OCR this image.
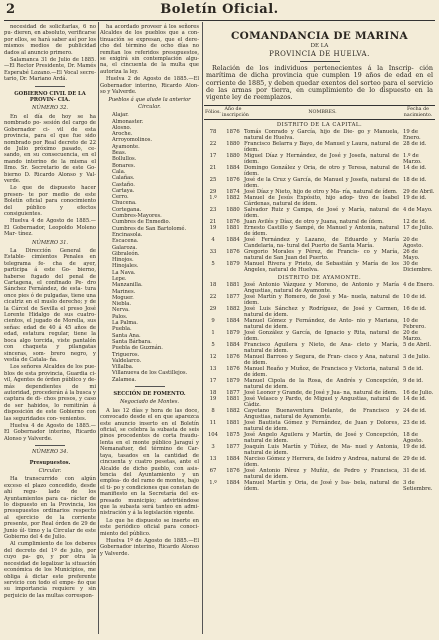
2	Boletín Oficial.

necesidad de solicitarlas, 6 no pu- dieren, en absoluto, verificarse por ellos, se hará saber así por los mismos medios de publicidad dados al anuncio primero.

Salamanca 31 de Julio de 1885.—El Rector Presidente, Dr. Mamés Esperabé Lozano.—El Vocal secre- tario, Dr. Mariano Ardá.

GOBIERNO CIVIL DE LA PROVIN- CIA.

NÚMERO 32.

En el día de hoy se ha nombrado po- sesión del cargo de Gobernador ci- vil de esta provincia, para el que fue sido nombrado por Real decreto de 22 de Julio próximo pasado, ce- sando, en su consecuencia, en el mando interino de la misma el Ilmo. Sr. Secretario de este Go- bierno D. Ricardo Alonso y Val- verde.

Lo que de dispuesto hacer presen- te por medio de este Boletín oficial para conocimiento del público y efectos consiguientes.

Huelva 4 de Agosto de 1885.—El Gobernador, Leopoldo Moleno Mar- tínez.

NÚMERO 31.

La Dirección General de Estable- cimientos Penales en telegrama fe- cha de ayer, participa á este Go- bierno, haberse fugado del penal de Cartagena, el confinado Pe- dro Sánchez Fernández, de esta- tura once pies ó de pulgadas, tiene una cicatriz en el muslo derecho; y de la Cárcel de Sevilla el preso José Lorente Hidalgo de sus cuatro- cientos, el jugado de Morella, sus señas: edad de 40 á 45 años de edad, estatura regular, tiene la boca algo torcida, viste pantalón con chaqueta y pilangatas sinceras, som- brero negro, y vestía de Catala- ña.

Los señores Alcaldes de los pue- blos de esta provincia, Guardia ci- vil, Agentes de órden público y de- más dependientes de mi autoridad, procederán á la busca y captura de di- chos presos, y caso de ser habidos, lo remitirán á disposición de este Gobierno con las seguridades con- venientes.

Huelva 4 de Agosto de 1885.—El Gobernador interino, Ricardo Alonso y Valverde.

NÚMERO 34.

Presupuestos.

Circular.

Ha transcurrido con algún exceso el plazo concedido, desde ahí regu- lado de los Ayuntamientos para ca- rácter de lo dispuesto en la Provincia, los presupuestos ordinarios respecto al ejercicio de la corriente presente, por Real órden de 29 de Junio úl- timo y la Circular de este Gobierno del 4 de Julio.

Al cumplimiento de los deberes del decreto del 1º de julio, por cuyo pa- go, y por otra la necesidad de legalizar la situación económica de los Municipios, me obliga á dictar este preferente servicio con todo el empe- ño que su importancia requiere y sin perjuicio de las multas correspon-

ha acordado proveer á los señores Alcaldes de los pueblos que a con- tinuación se expresan, que el dere- cho del término de ocho días no remitan los referidos presupuestos, se exigirá sin contemplación algu- na, el cincuenta de la multa que autoriza la ley.

Huelva 2 de Agosto de 1885.—El Gobernador interino, Ricardo Alon- so y Valverde.

Pueblos á que alude la anterior Circular.

Alajar.
Almonaster.
Alosno.
Aroche.
Arroyomolinos.
Ayamonte.
Beas.
Bollullos.
Bonares.
Cala.
Calañas.
Castaño.
Cartaya.
Cerro.
Chucena.
Cortegana.
Cumbres-Mayores.
Cumbres de Enmedio.
Cumbres de San Bartolomé.
Encinasola.
Escacena.
Galaroza.
Gibraleón.
Hinojos.
Hinojales.
La Nava.
Lepe.
Manzanilla.
Marines.
Moguer.
Niebla.
Nerva.
Palos.
La Palma.
Puebla.
Santa Ana.
Santa Bárbara.
Puebla de Guzmán.
Trigueros.
Valdelarco.
Villalba.
Villanueva de los Castillejos.
Zalamea.

SECCIÓN DE FOMENTO.

Negociado de Montes.

A las 12 días y hora de las doce, convocado desde el en que aparezca este anuncio inserto en el Boletín oficial, se celebra la subasta de seis pinos procedentes de corta fraudu- lenta en el monte público Jaraguí y Nemanafuer, del término de Car- taya, tasados en la cantidad de cincuenta y cuatro pesetas, ante el Alcalde de dicho pueblo, con asis- tencia del Ayuntamiento y un emplea- do del ramo de montes, bajo el ti- po y condiciones que constan de manifiesto en la Secretaría del ex- presado municipio; advirtiéndose que la subasta será tanteo en admi- nistración y á la legislación vigente.

Lo que he dispuesto se inserte en este periódico oficial para conoci- miento del público.

Huelva 1º de Agosto de 1885.—El Gobernador interino, Ricardo Alonso y Valverde.

COMANDANCIA DE MARINA
DE LA
PROVINCIA DE HUELVA.
Relación de los individuos pertenecientes á la Inscrip- ción marítima de dicha provincia que cumplen 19 años de edad en el corriente de 1885, y deben quedar exentos del sorteo para el servicio de las armas por tierra, en cumplimiento de lo dispuesto en la vigente ley de reemplazos.
Fólios.	Año de inscripción	NOMBRES.	Fecha de nacimiento.
DISTRITO DE LA CAPITAL.			
78	1876	Tomás Conrado y García, hijo de Die- go y Manuela, natural de Huelva.	19 de Enero.
22	1880	Francisco Belarra y Bayo, de Manuel y Laura, natural de ídem.	28 de id.
17	1880	Miguel Díaz y Hernández, de José y Josefa, natural de ídem.	1.º de Marzo.
21	1884	Domingo González y Oria, de otro y Teresa, natural de ídem.	14 de id.
25	1876	José de la Cruz y García, de Manuel y Josefa, natural de ídem.	18 de id.
29	1874	José Díaz y Nieto, hijo de otro y Ma- ría, natural de ídem.	29 de Abril.
1.º	1882	Manuel de Jesús Expósito, hijo adop- tivo de Isabel Cárdenas, natural de ídem.	19 de id.
23	1880	Salvador Ruiz y Campa, de José y María, natural de ídem.	4 de Mayo.
21	1876	Juan Avilés y Díaz, de otro y Juana, natural de ídem.	12 de id.
19	1881	Ernesto Castillo y Sampé, de Manuel y Antonia, natural de ídem.	17 de Julio.
4	1884	José Fernández y Lazano, de Eduardo y María Candelaria, na- tural del Puerto de Santa María.	20 de Agosto.
33	1876	Gregorio Morales y Pérez, de Francis- co y María, natural de San Juan del Puerto.	26 de Mayo.
5	1879	Manuel Rivera y Prieto, de Sebastián y María de los Ángeles, natural de Huelva.	30 de Diciembre.
DISTRITO DE AYAMONTE.			
18	1881	José Antonio Vázquez y Moreno, de Antonio y María Angustias, natural de Ayamonte.	4 de Enero.
22	1877	José Martín y Romero, de José y Ma- nuela, natural de ídem.	10 de id.
29	1882	José Luis Sánchez y Rodríguez, de José y Carmen, natural de ídem.	16 de id.
9	1884	Manuel Gómez y Fernández, de Anto- nio y Mariana, natural de ídem.	10 de Febrero.
1	1879	José González y García, de Ignacio y Rita, natural de ídem.	20 de Marzo.
5	1884	Francisco Aguilera y Nieto, de Ana- cleto y María, natural de ídem.	5 de Abril.
12	1876	Manuel Barroso y Segura, de Fran- cisco y Ana, natural de ídem.	3 de Julio.
13	1876	Manuel Reaño y Muñoz, de Francisco y Victoria, natural de ídem.	5 de id.
17	1879	Manuel Cipola de la Rosa, de Andrés y Concepción, natural de ídem.	9 de id.
18	1877	José Leonor y Grande, de José y Jua- na, natural de ídem.	16 de Julio.
19	1881	José Velasco y Pardo, de Miguel y Angustias, natural de Cádiz.	14 de id.
8	1882	Cayetano Buenaventura Delante, de Francisco y Angustias, natural de Ayamonte.	24 de id.
11	1881	José Bautista Gómez y Fernández, de Juan y Dolores, natural de ídem.	23 de id.
104	1875	José Angelo Aguilera y Martín, de José y Concepción, natural de ídem.	18 de Agosto.
3	1877	Joaquín Luis Martín y Túñez, de Ma- nuel y Antonia, natural de ídem.	19 de id.
13	1884	Narciso Gómez y Herrera, de Isidro y Andrea, natural de ídem.	29 de id.
67	1876	José Antonio Pérez y Muñiz, de Pedro y Francisca, natural de ídem.	31 de id.
1.º	1884	Manuel Martín y Oria, de José y Isa- bela, natural de ídem.	3 de Setiembre.
